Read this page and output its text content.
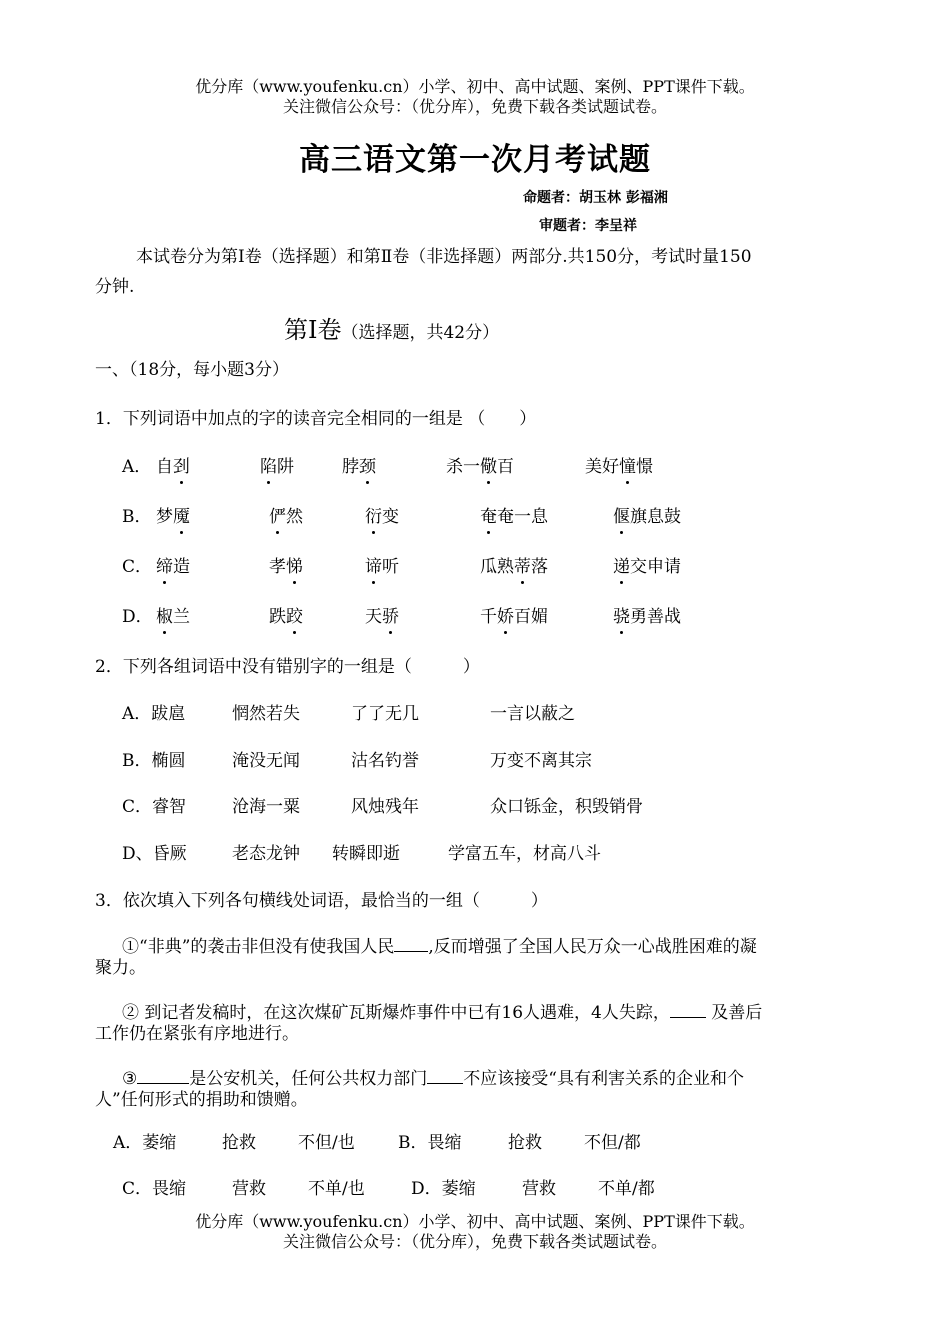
优分库（www.youfenku.cn）小学、初中、高中试题、案例、PPT课件下载。
关注微信公众号：（优分库），免费下载各类试题试卷。
高三语文第一次月考试题
命题者：胡玉林 彭福湘
审题者：李呈祥
本试卷分为第Ⅰ卷（选择题）和第Ⅱ卷（非选择题）两部分.共150分，考试时量150
分钟.
第Ⅰ卷（选择题，共42分）
一、（18分，每小题3分）
1．下列词语中加点的字的读音完全相同的一组是 （　　）
A． 自刭	陷阱	脖颈	杀一儆百	美好憧憬
B． 梦魇	俨然	衍变	奄奄一息	偃旗息鼓
C． 缔造	孝悌	谛听	瓜熟蒂落	递交申请
D． 椒兰	跌跤	天骄	千娇百媚	骁勇善战
2．下列各组词语中没有错别字的一组是（　　　）
A．跋扈	惘然若失	了了无几	一言以蔽之
B．椭圆	淹没无闻	沽名钓誉	万变不离其宗
C．睿智	沧海一粟	风烛残年	众口铄金，积毁销骨
D、昏厥	老态龙钟 转瞬即逝	学富五车，材高八斗
3．依次填入下列各句横线处词语，最恰当的一组（　　　）
①“非典”的袭击非但没有使我国人民 ,反而增强了全国人民万众一心战胜困难的凝
聚力。
② 到记者发稿时，在这次煤矿瓦斯爆炸事件中已有16人遇难，4人失踪， 及善后
工作仍在紧张有序地进行。
③	是公安机关，任何公共权力部门 不应该接受“具有利害关系的企业和个
人”任何形式的捐助和馈赠。
A．萎缩	抢救 不但/也	B．畏缩	抢救 不但/都
C．畏缩	营救 不单/也	D．萎缩	营救 不单/都
优分库（www.youfenku.cn）小学、初中、高中试题、案例、PPT课件下载。
关注微信公众号：（优分库），免费下载各类试题试卷。
